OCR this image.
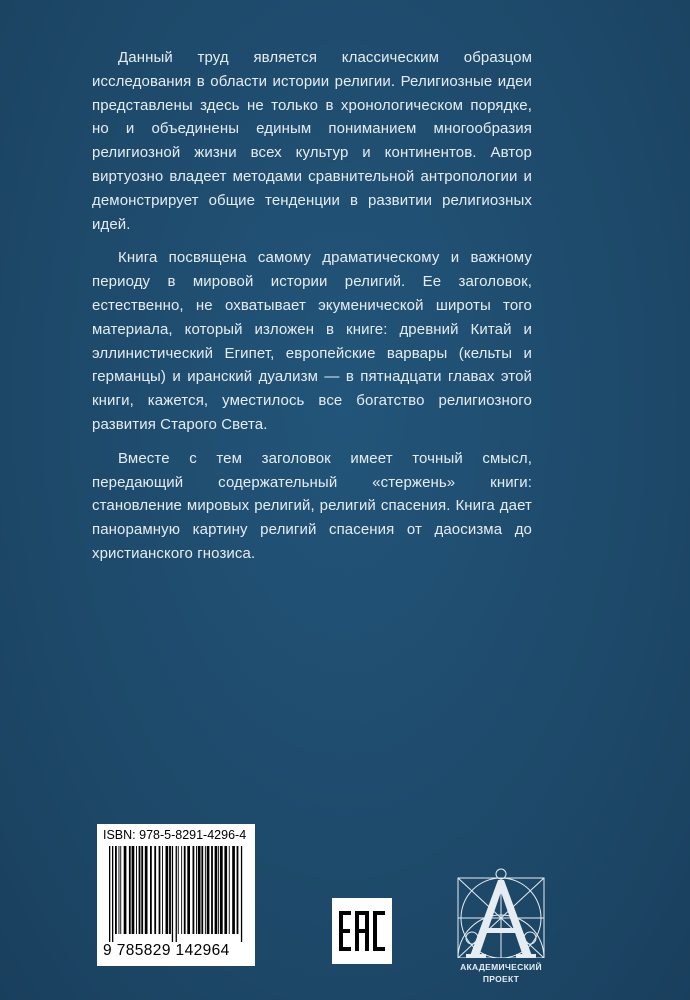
Данный труд является классическим образцом исследования в области истории религии. Религиозные идеи представлены здесь не только в хронологическом порядке, но и объединены единым пониманием многообразия религиозной жизни всех культур и континентов. Автор виртуозно владеет методами сравнительной антропологии и демонстрирует общие тенденции в развитии религиозных идей.

Книга посвящена самому драматическому и важному периоду в мировой истории религий. Ее заголовок, естественно, не охватывает экуменической широты того материала, который изложен в книге: древний Китай и эллинистический Египет, европейские варвары (кельты и германцы) и иранский дуализм — в пятнадцати главах этой книги, кажется, уместилось все богатство религиозного развития Старого Света.

Вместе с тем заголовок имеет точный смысл, передающий содержательный «стержень» книги: становление мировых религий, религий спасения. Книга дает панорамную картину религий спасения от даосизма до христианского гнозиса.

ISBN: 978-5-8291-4296-4
9 785829 142964
АКАДЕМИЧЕСКИЙ
ПРОЕКТ
